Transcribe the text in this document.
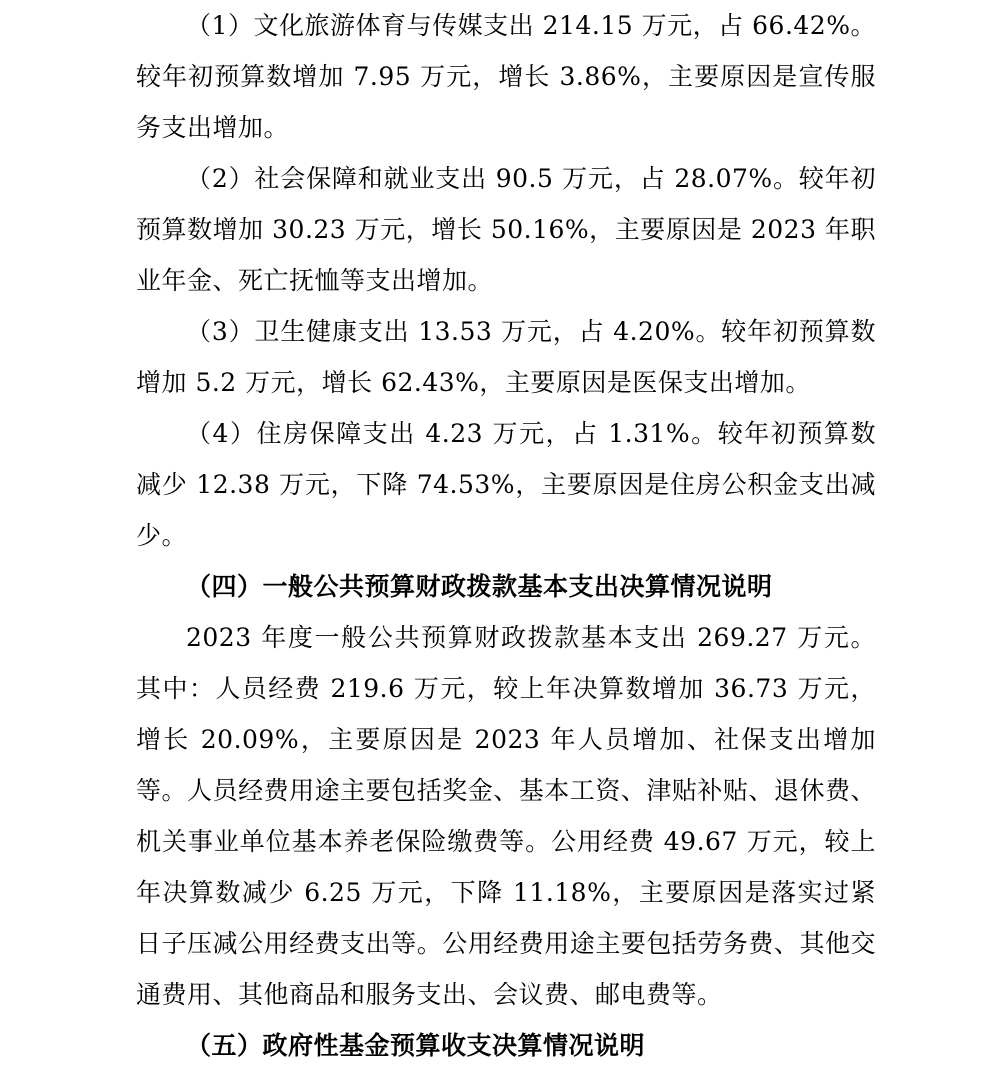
（1）文化旅游体育与传媒支出 214.15 万元，占 66.42%。较年初预算数增加 7.95 万元，增长 3.86%，主要原因是宣传服务支出增加。

（2）社会保障和就业支出 90.5 万元，占 28.07%。较年初预算数增加 30.23 万元，增长 50.16%，主要原因是 2023 年职业年金、死亡抚恤等支出增加。

（3）卫生健康支出 13.53 万元，占 4.20%。较年初预算数增加 5.2 万元，增长 62.43%，主要原因是医保支出增加。

（4）住房保障支出 4.23 万元，占 1.31%。较年初预算数减少 12.38 万元，下降 74.53%，主要原因是住房公积金支出减少。

（四）一般公共预算财政拨款基本支出决算情况说明

2023 年度一般公共预算财政拨款基本支出 269.27 万元。其中：人员经费 219.6 万元，较上年决算数增加 36.73 万元，增长 20.09%，主要原因是 2023 年人员增加、社保支出增加等。人员经费用途主要包括奖金、基本工资、津贴补贴、退休费、机关事业单位基本养老保险缴费等。公用经费 49.67 万元，较上年决算数减少 6.25 万元，下降 11.18%，主要原因是落实过紧日子压减公用经费支出等。公用经费用途主要包括劳务费、其他交通费用、其他商品和服务支出、会议费、邮电费等。

（五）政府性基金预算收支决算情况说明
